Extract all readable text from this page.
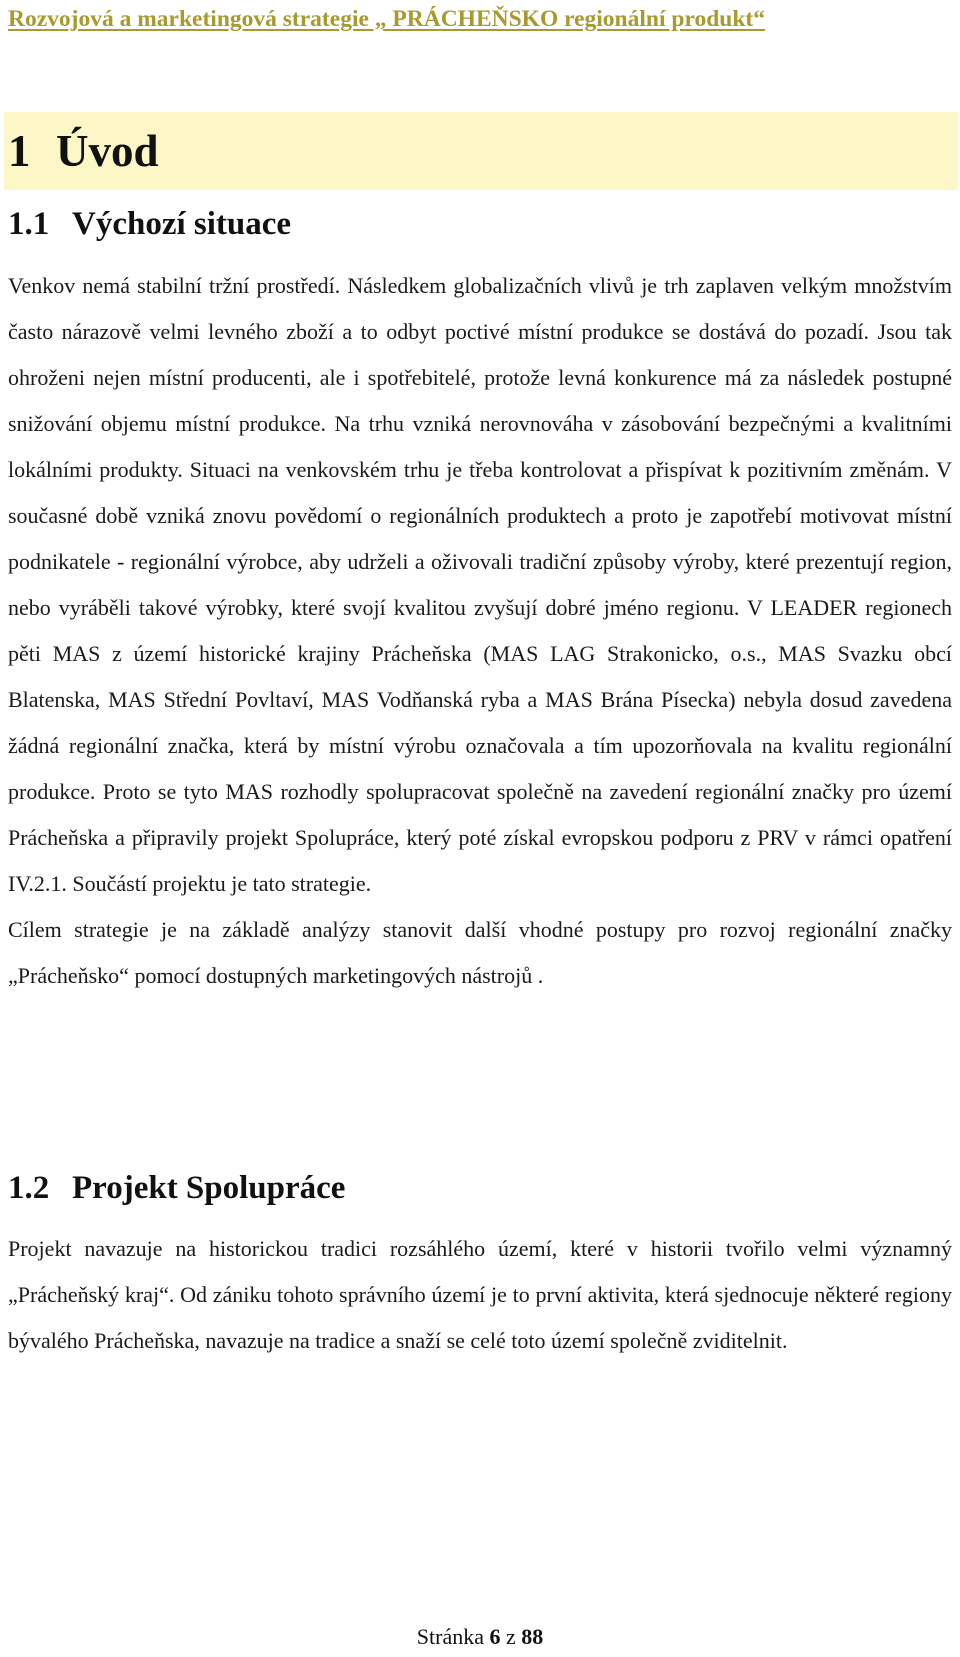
Rozvojová a marketingová strategie „ PRÁCHEŇSKO regionální produkt“
1 Úvod
1.1 Výchozí situace

Venkov nemá stabilní tržní prostředí. Následkem globalizačních vlivů je trh zaplaven velkým množstvím často nárazově velmi levného zboží a to odbyt poctivé místní produkce se dostává do pozadí. Jsou tak ohroženi nejen místní producenti, ale i spotřebitelé, protože levná konkurence má za následek postupné snižování objemu místní produkce. Na trhu vzniká nerovnováha v zásobování bezpečnými a kvalitními lokálními produkty. Situaci na venkovském trhu je třeba kontrolovat a přispívat k pozitivním změnám. V současné době vzniká znovu povědomí o regionálních produktech a proto je zapotřebí motivovat místní podnikatele - regionální výrobce, aby udrželi a oživovali tradiční způsoby výroby, které prezentují region, nebo vyráběli takové výrobky, které svojí kvalitou zvyšují dobré jméno regionu. V LEADER regionech pěti MAS z území historické krajiny Prácheňska (MAS LAG Strakonicko, o.s., MAS Svazku obcí Blatenska, MAS Střední Povltaví, MAS Vodňanská ryba a MAS Brána Písecka) nebyla dosud zavedena žádná regionální značka, která by místní výrobu označovala a tím upozorňovala na kvalitu regionální produkce. Proto se tyto MAS rozhodly spolupracovat společně na zavedení regionální značky pro území Prácheňska a připravily projekt Spolupráce, který poté získal evropskou podporu z PRV v rámci opatření IV.2.1. Součástí projektu je tato strategie.

Cílem strategie je na základě analýzy stanovit další vhodné postupy pro rozvoj regionální značky „Prácheňsko“ pomocí dostupných marketingových nástrojů .

1.2 Projekt Spolupráce

Projekt navazuje na historickou tradici rozsáhlého území, které v historii tvořilo velmi významný „Prácheňský kraj“. Od zániku tohoto správního území je to první aktivita, která sjednocuje některé regiony bývalého Prácheňska, navazuje na tradice a snaží se celé toto území společně zviditelnit.

Stránka 6 z 88
